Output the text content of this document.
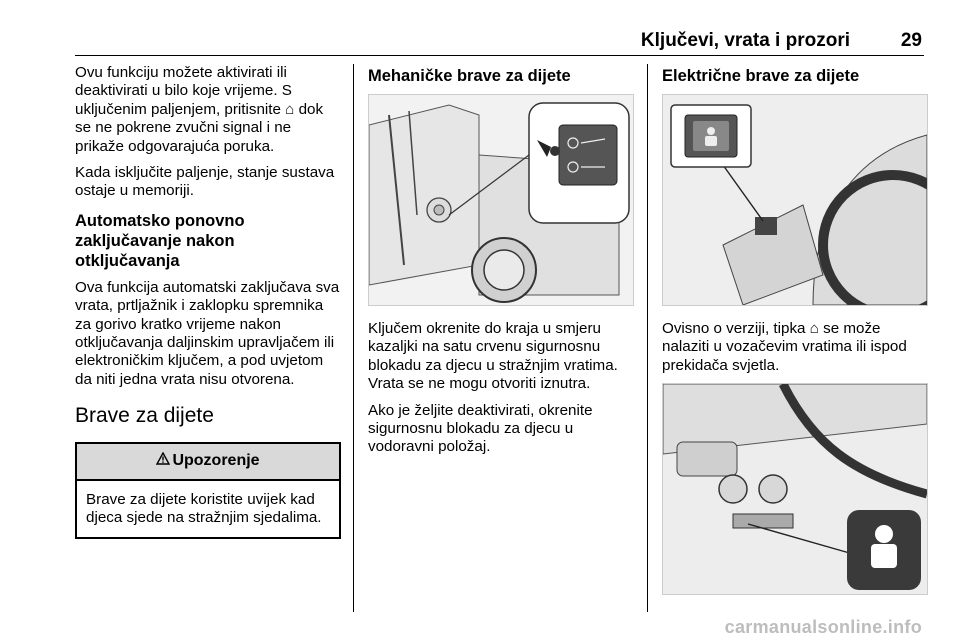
Ključevi, vrata i prozori	29

Ovu funkciju možete aktivirati ili deaktivirati u bilo koje vrijeme. S uključenim paljenjem, pritisnite ⌂ dok se ne pokrene zvučni signal i ne prikaže odgovarajuća poruka.

Kada isključite paljenje, stanje sustava ostaje u memoriji.

Automatsko ponovno zaključavanje nakon otključavanja

Ova funkcija automatski zaključava sva vrata, prtljažnik i zaklopku spremnika za gorivo kratko vrijeme nakon otključavanja daljinskim upravljačem ili elektroničkim ključem, a pod uvjetom da niti jedna vrata nisu otvorena.

Brave za dijete
Upozorenje
Brave za dijete koristite uvijek kad djeca sjede na stražnjim sjedalima.
Mehaničke brave za dijete

Ključem okrenite do kraja u smjeru kazaljki na satu crvenu sigurnosnu blokadu za djecu u stražnjim vratima. Vrata se ne mogu otvoriti iznutra.

Ako je željite deaktivirati, okrenite sigurnosnu blokadu za djecu u vodoravni položaj.

Električne brave za dijete

Ovisno o verziji, tipka ⌂ se može nalaziti u vozačevim vratima ili ispod prekidača svjetla.

carmanualsonline.info
